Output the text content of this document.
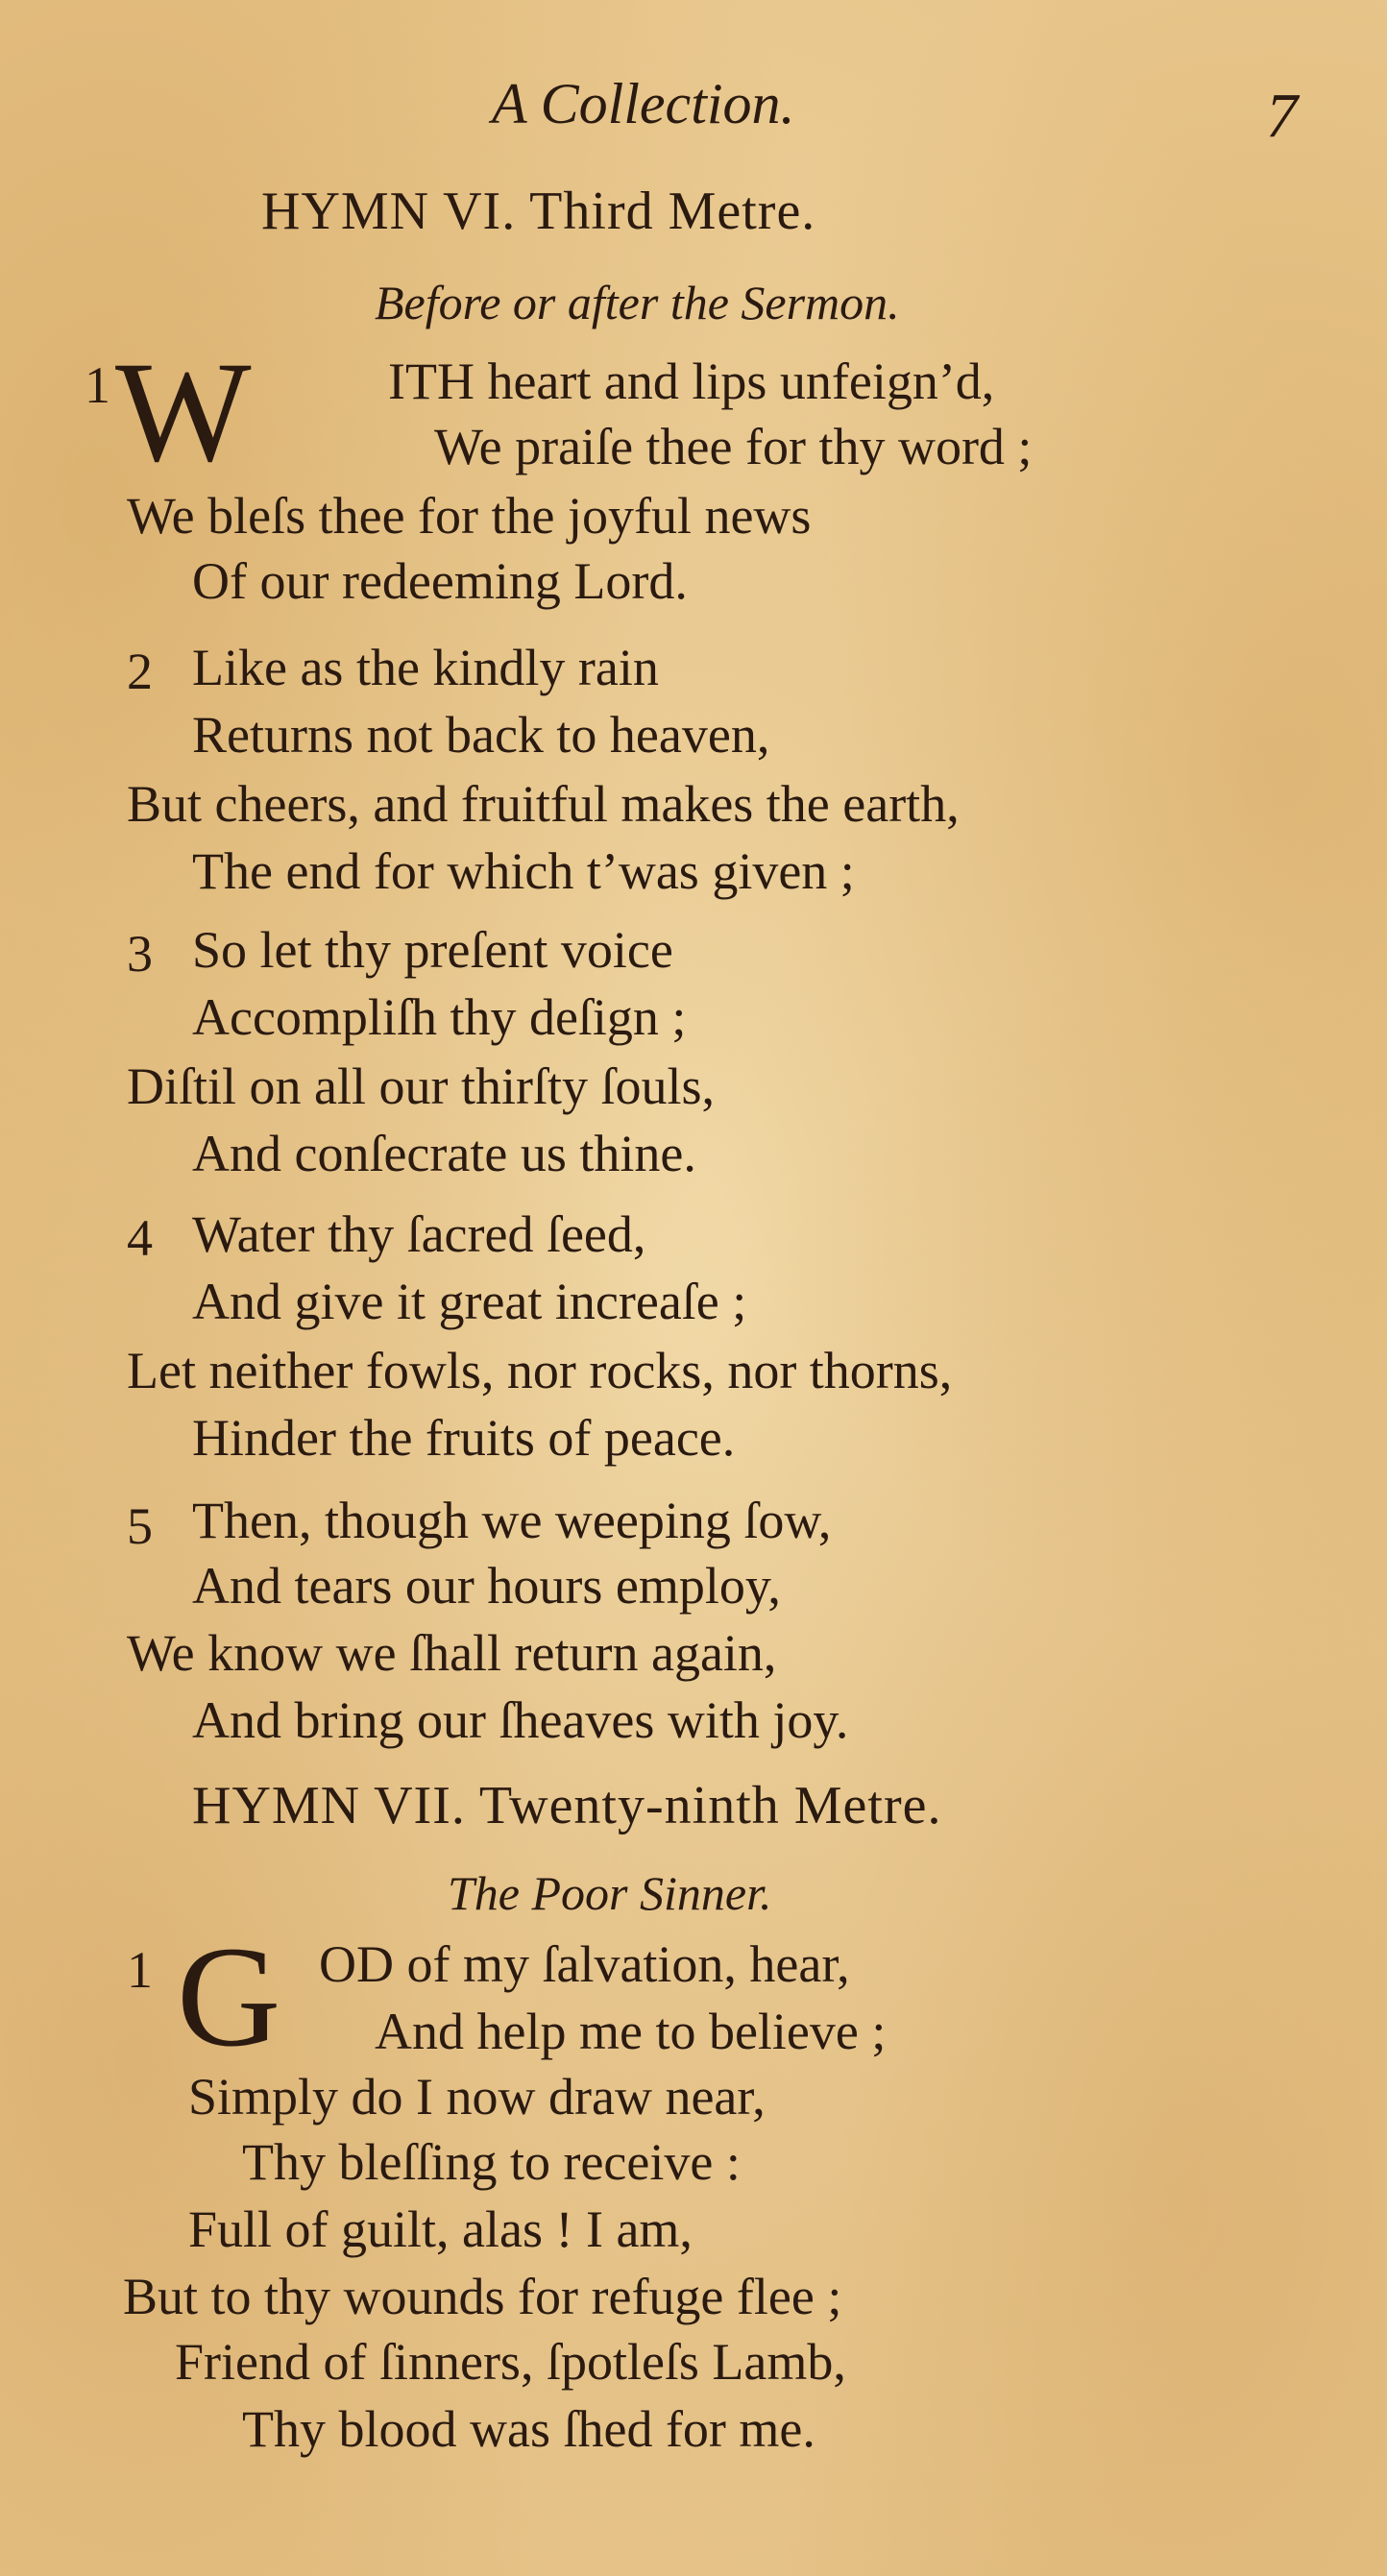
A Collection.	7
HYMN VI. Third Metre.
Before or after the Sermon.
1 W	ITH heart and lips unfeign’d,
We praiſe thee for thy word ;
We bleſs thee for the joyful news
Of our redeeming Lord.
2 Like as the kindly rain
Returns not back to heaven,
But cheers, and fruitful makes the earth,
The end for which t’was given ;
3 So let thy preſent voice
Accompliſh thy deſign ;
Diſtil on all our thirſty ſouls,
And conſecrate us thine.
4 Water thy ſacred ſeed,
And give it great increaſe ;
Let neither fowls, nor rocks, nor thorns,
Hinder the fruits of peace.
5 Then, though we weeping ſow,
And tears our hours employ,
We know we ſhall return again,
And bring our ſheaves with joy.
HYMN VII. Twenty-ninth Metre.
The Poor Sinner.
1 G OD of my ſalvation, hear,
And help me to believe ;
Simply do I now draw near,
Thy bleſſing to receive :
Full of guilt, alas ! I am,
But to thy wounds for refuge flee ;
Friend of ſinners, ſpotleſs Lamb,
Thy blood was ſhed for me.
